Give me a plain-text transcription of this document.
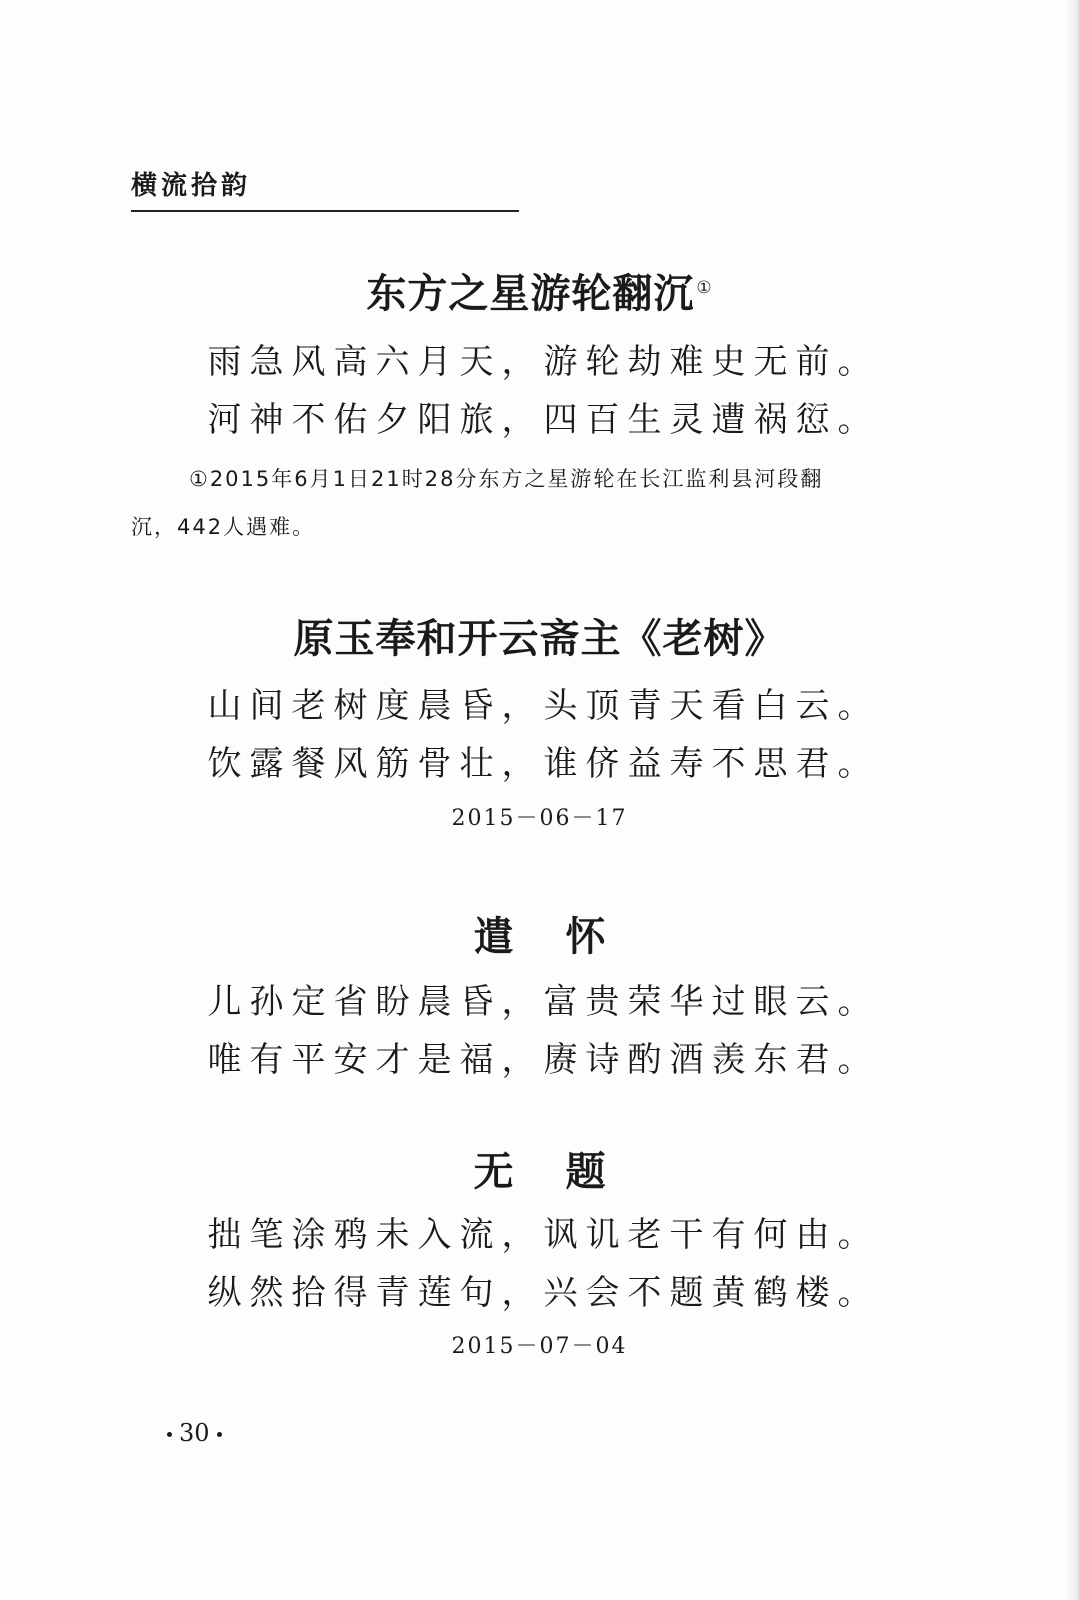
横流拾韵
东方之星游轮翻沉 ①
雨急风高六月天，游轮劫难史无前。
河神不佑夕阳旅，四百生灵遭祸愆。
①2015年6月1日21时28分东方之星游轮在长江监利县河段翻
沉，442人遇难。
原玉奉和开云斋主《老树》
山间老树度晨昏，头顶青天看白云。
饮露餐风筋骨壮，谁侪益寿不思君。
2015－06－17
遣怀
儿孙定省盼晨昏，富贵荣华过眼云。
唯有平安才是福，赓诗酌酒羡东君。
无题
拙笔涂鸦未入流，讽讥老干有何由。
纵然拾得青莲句，兴会不题黄鹤楼。
2015－07－04
30
